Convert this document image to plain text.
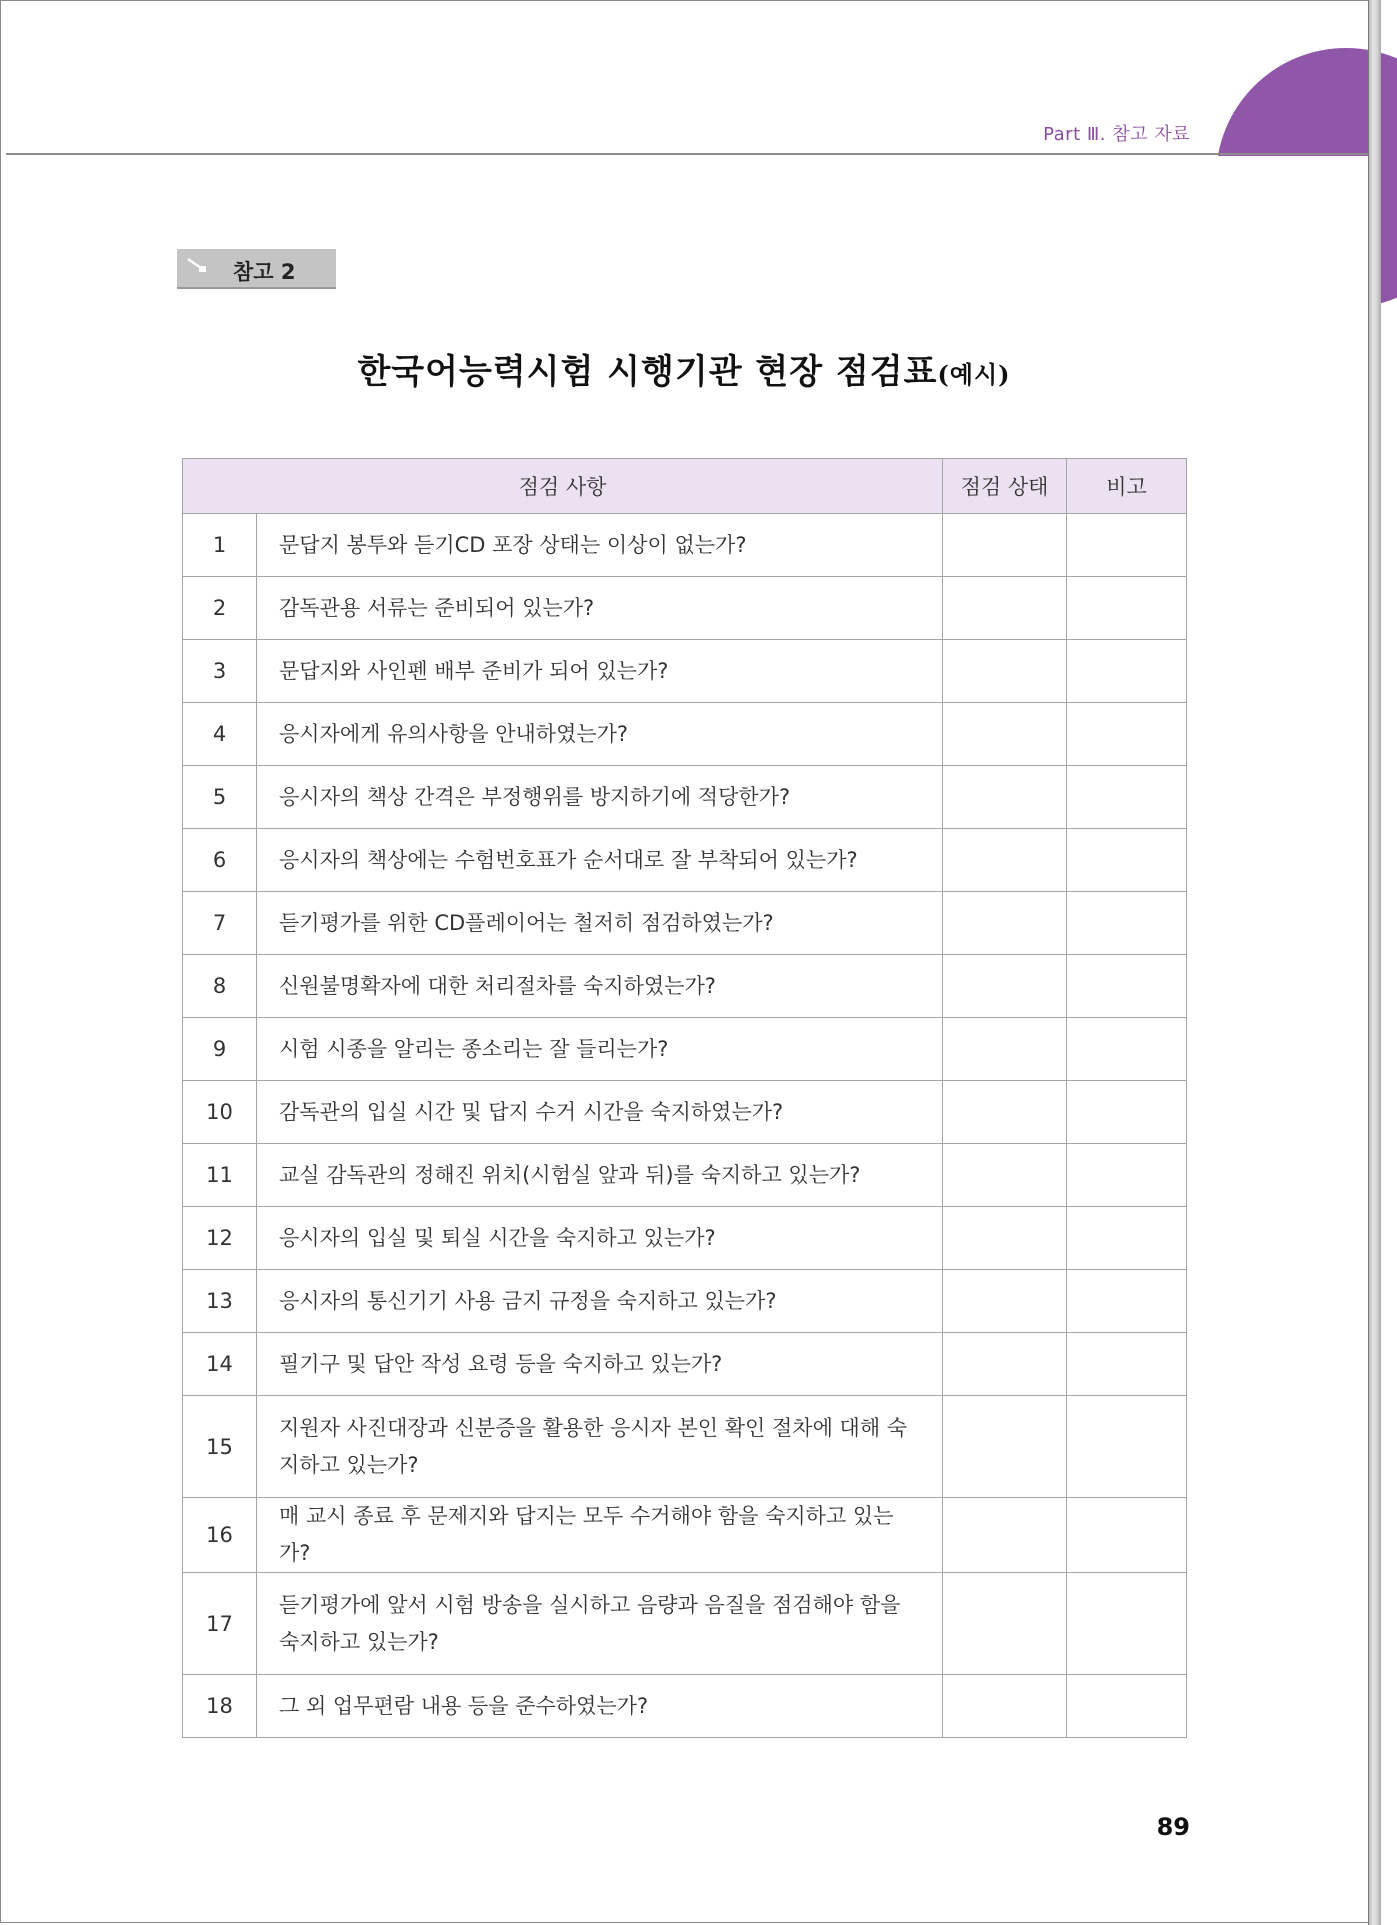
Part Ⅲ. 참고 자료
참고 2
한국어능력시험 시행기관 현장 점검표(예시)
점검 사항		점검 상태	비고
1	문답지 봉투와 듣기CD 포장 상태는 이상이 없는가?		
2	감독관용 서류는 준비되어 있는가?		
3	문답지와 사인펜 배부 준비가 되어 있는가?		
4	응시자에게 유의사항을 안내하였는가?		
5	응시자의 책상 간격은 부정행위를 방지하기에 적당한가?		
6	응시자의 책상에는 수험번호표가 순서대로 잘 부착되어 있는가?		
7	듣기평가를 위한 CD플레이어는 철저히 점검하였는가?		
8	신원불명확자에 대한 처리절차를 숙지하였는가?		
9	시험 시종을 알리는 종소리는 잘 들리는가?		
10	감독관의 입실 시간 및 답지 수거 시간을 숙지하였는가?		
11	교실 감독관의 정해진 위치(시험실 앞과 뒤)를 숙지하고 있는가?		
12	응시자의 입실 및 퇴실 시간을 숙지하고 있는가?		
13	응시자의 통신기기 사용 금지 규정을 숙지하고 있는가?		
14	필기구 및 답안 작성 요령 등을 숙지하고 있는가?		
15	지원자 사진대장과 신분증을 활용한 응시자 본인 확인 절차에 대해 숙지하고 있는가?		
16	매 교시 종료 후 문제지와 답지는 모두 수거해야 함을 숙지하고 있는가?		
17	듣기평가에 앞서 시험 방송을 실시하고 음량과 음질을 점검해야 함을 숙지하고 있는가?		
18	그 외 업무편람 내용 등을 준수하였는가?		
89
